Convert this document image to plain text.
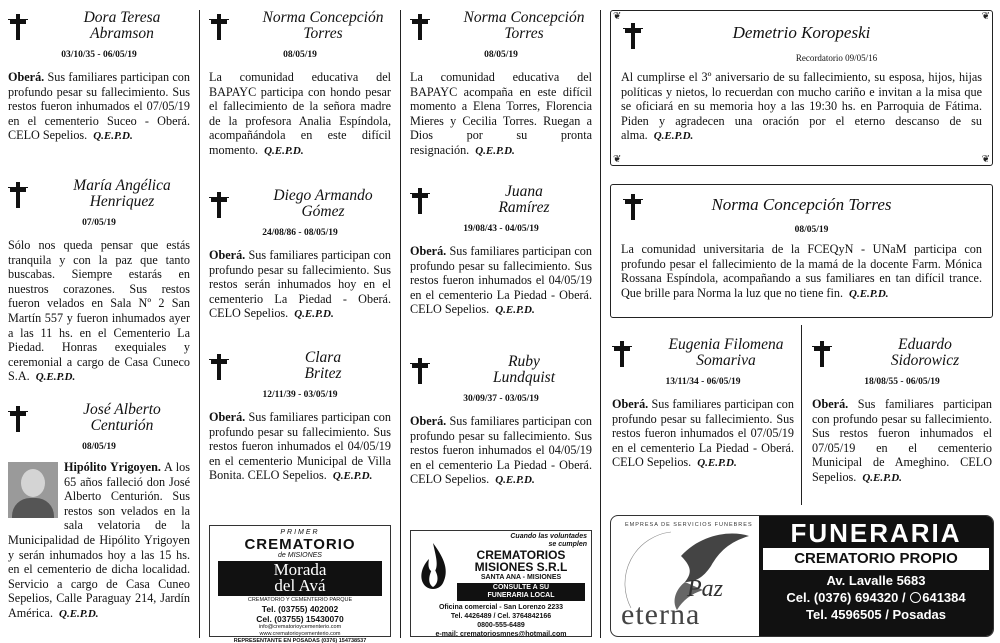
Dora Teresa
Abramson
03/10/35 - 06/05/19
Oberá. Sus familiares participan con profundo pesar su fallecimiento. Sus restos fueron inhumados el 07/05/19 en el cementerio Suceo - Oberá. CELO Sepelios. Q.E.P.D.
María Angélica
Henriquez
07/05/19
Sólo nos queda pensar que estás tranquila y con la paz que tanto buscabas. Siempre estarás en nuestros corazones. Sus restos fueron velados en Sala Nº 2 San Martín 557 y fueron inhumados ayer a las 11 hs. en el Cementerio La Piedad. Honras exequiales y ceremonial a cargo de Casa Cuneco S.A. Q.E.P.D.
José Alberto
Centurión
08/05/19
Hipólito Yrigoyen. A los 65 años falleció don José Alberto Centurión. Sus restos son velados en la sala velatoria de la Municipalidad de Hipólito Yrigoyen y serán inhumados hoy a las 15 hs. en el cementerio de dicha localidad. Servicio a cargo de Casa Cuneo Sepelios, Calle Paraguay 214, Jardín América. Q.E.P.D.
Norma Concepción
Torres
08/05/19
La comunidad educativa del BAPAYC participa con hondo pesar el fallecimiento de la señora madre de la profesora Analia Espíndola, acompañándola en este difícil momento. Q.E.P.D.
Diego Armando
Gómez
24/08/86 - 08/05/19
Oberá. Sus familiares participan con profundo pesar su fallecimiento. Sus restos serán inhumados hoy en el cementerio La Piedad - Oberá. CELO Sepelios. Q.E.P.D.
Clara
Britez
12/11/39 - 03/05/19
Oberá. Sus familiares participan con profundo pesar su fallecimiento. Sus restos fueron inhumados el 04/05/19 en el cementerio Municipal de Villa Bonita. CELO Sepelios. Q.E.P.D.
PRIMER
CREMATORIO
de MISIONES
Morada
del Avá
CREMATORIO Y CEMENTERIO PARQUE
Tel. (03755) 402002
Cel. (03755) 15430070
info@crematorioycementerio.com
www.crematorioycementerio.com
REPRESENTANTE EN POSADAS (0376) 154738537
Norma Concepción
Torres
08/05/19
La comunidad educativa del BAPAYC acompaña en este difícil momento a Elena Torres, Florencia Mieres y Cecilia Torres. Ruegan a Dios por su pronta resignación. Q.E.P.D.
Juana
Ramírez
19/08/43 - 04/05/19
Oberá. Sus familiares participan con profundo pesar su fallecimiento. Sus restos fueron inhumados el 04/05/19 en el cementerio La Piedad - Oberá. CELO Sepelios. Q.E.P.D.
Ruby
Lundquist
30/09/37 - 03/05/19
Oberá. Sus familiares participan con profundo pesar su fallecimiento. Sus restos fueron inhumados el 04/05/19 en el cementerio La Piedad - Oberá. CELO Sepelios. Q.E.P.D.
Cuando las voluntades
se cumplen
CREMATORIOS
MISIONES S.R.L
SANTA ANA - MISIONES
CONSULTE A SU
FUNERARIA LOCAL
Oficina comercial - San Lorenzo 2233
Tel. 4426489 / Cel. 3764842166
0800-555-6489
e-mail: crematoriosmnes@hotmail.com
❦	❦
❦	❦
Demetrio Koropeski
Recordatorio 09/05/16
Al cumplirse el 3º aniversario de su fallecimiento, su esposa, hijos, hijas políticas y nietos, lo recuerdan con mucho cariño e invitan a la misa que se oficiará en su memoria hoy a las 19:30 hs. en Parroquia de Fátima. Piden y agradecen una oración por el eterno descanso de su alma. Q.E.P.D.
Norma Concepción Torres
08/05/19
La comunidad universitaria de la FCEQyN - UNaM participa con profundo pesar el fallecimiento de la mamá de la docente Farm. Mónica Rossana Espíndola, acompañando a sus familiares en tan difícil trance. Que brille para Norma la luz que no tiene fin. Q.E.P.D.
Eugenia Filomena
Somariva
13/11/34 - 06/05/19
Oberá. Sus familiares participan con profundo pesar su fallecimiento. Sus restos fueron inhumados el 07/05/19 en el cementerio La Piedad - Oberá. CELO Sepelios. Q.E.P.D.
Eduardo
Sidorowicz
18/08/55 - 06/05/19
Oberá. Sus familiares participan con profundo pesar su fallecimiento. Sus restos fueron inhumados el 07/05/19 en el cementerio Municipal de Ameghino. CELO Sepelios. Q.E.P.D.
EMPRESA DE SERVICIOS FUNEBRES
Paz
eterna
FUNERARIA
CREMATORIO PROPIO
Av. Lavalle 5683
Cel. (0376) 694320 / 641384
Tel. 4596505 / Posadas
